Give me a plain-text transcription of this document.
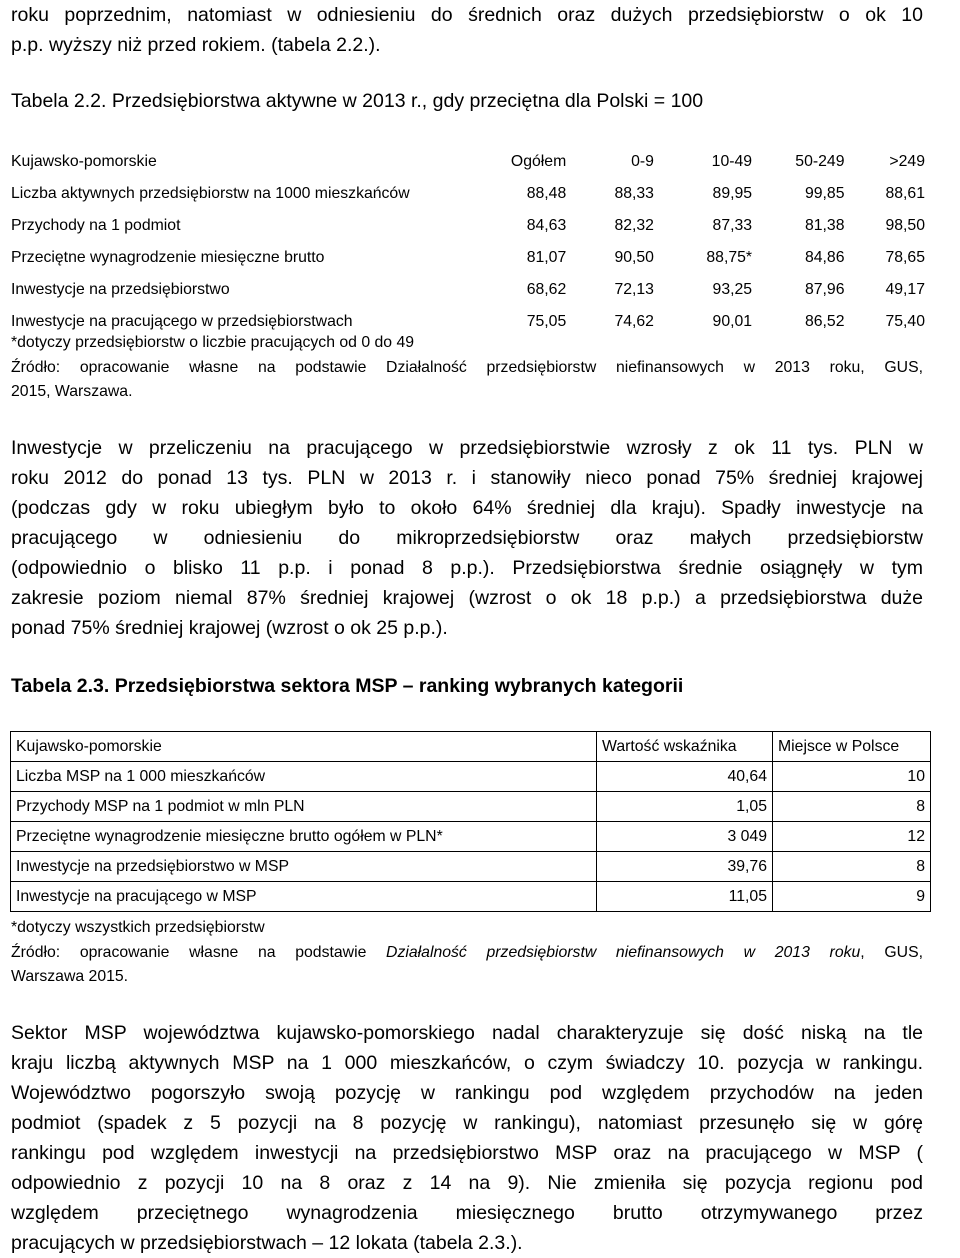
roku poprzednim, natomiast w odniesieniu do średnich oraz dużych przedsiębiorstw o ok 10
p.p. wyższy niż przed rokiem. (tabela 2.2.).
Tabela 2.2. Przedsiębiorstwa aktywne w 2013 r., gdy przeciętna dla Polski = 100
Kujawsko-pomorskie	Ogółem	0-9	10-49	50-249	>249
Liczba aktywnych przedsiębiorstw na 1000 mieszkańców	88,48	88,33	89,95	99,85	88,61
Przychody na 1 podmiot	84,63	82,32	87,33	81,38	98,50
Przeciętne wynagrodzenie miesięczne brutto	81,07	90,50	88,75*	84,86	78,65
Inwestycje na przedsiębiorstwo	68,62	72,13	93,25	87,96	49,17
Inwestycje na pracującego w przedsiębiorstwach	75,05	74,62	90,01	86,52	75,40
*dotyczy przedsiębiorstw o liczbie pracujących od 0 do 49
Źródło: opracowanie własne na podstawie Działalność przedsiębiorstw niefinansowych w 2013 roku, GUS,
2015, Warszawa.
Inwestycje w przeliczeniu na pracującego w przedsiębiorstwie wzrosły z ok 11 tys. PLN w
roku 2012 do ponad 13 tys. PLN w 2013 r. i stanowiły nieco ponad 75% średniej krajowej
(podczas gdy w roku ubiegłym było to około 64% średniej dla kraju). Spadły inwestycje na
pracującego w odniesieniu do mikroprzedsiębiorstw oraz małych przedsiębiorstw
(odpowiednio o blisko 11 p.p. i ponad 8 p.p.). Przedsiębiorstwa średnie osiągnęły w tym
zakresie poziom niemal 87% średniej krajowej (wzrost o ok 18 p.p.) a przedsiębiorstwa duże
ponad 75% średniej krajowej (wzrost o ok 25 p.p.).
Tabela 2.3. Przedsiębiorstwa sektora MSP – ranking wybranych kategorii
Kujawsko-pomorskie	Wartość wskaźnika	Miejsce w Polsce
Liczba MSP na 1 000 mieszkańców	40,64	10
Przychody MSP na 1 podmiot w mln PLN	1,05	8
Przeciętne wynagrodzenie miesięczne brutto ogółem w PLN*	3 049	12
Inwestycje na przedsiębiorstwo w MSP	39,76	8
Inwestycje na pracującego w MSP	11,05	9
*dotyczy wszystkich przedsiębiorstw
Źródło: opracowanie własne na podstawie Działalność przedsiębiorstw niefinansowych w 2013 roku, GUS,
Warszawa 2015.
Sektor MSP województwa kujawsko-pomorskiego nadal charakteryzuje się dość niską na tle
kraju liczbą aktywnych MSP na 1 000 mieszkańców, o czym świadczy 10. pozycja w rankingu.
Województwo pogorszyło swoją pozycję w rankingu pod względem przychodów na jeden
podmiot (spadek z 5 pozycji na 8 pozycję w rankingu), natomiast przesunęło się w górę
rankingu pod względem inwestycji na przedsiębiorstwo MSP oraz na pracującego w MSP (
odpowiednio z pozycji 10 na 8 oraz z 14 na 9). Nie zmieniła się pozycja regionu pod
względem przeciętnego wynagrodzenia miesięcznego brutto otrzymywanego przez
pracujących w przedsiębiorstwach – 12 lokata (tabela 2.3.).
